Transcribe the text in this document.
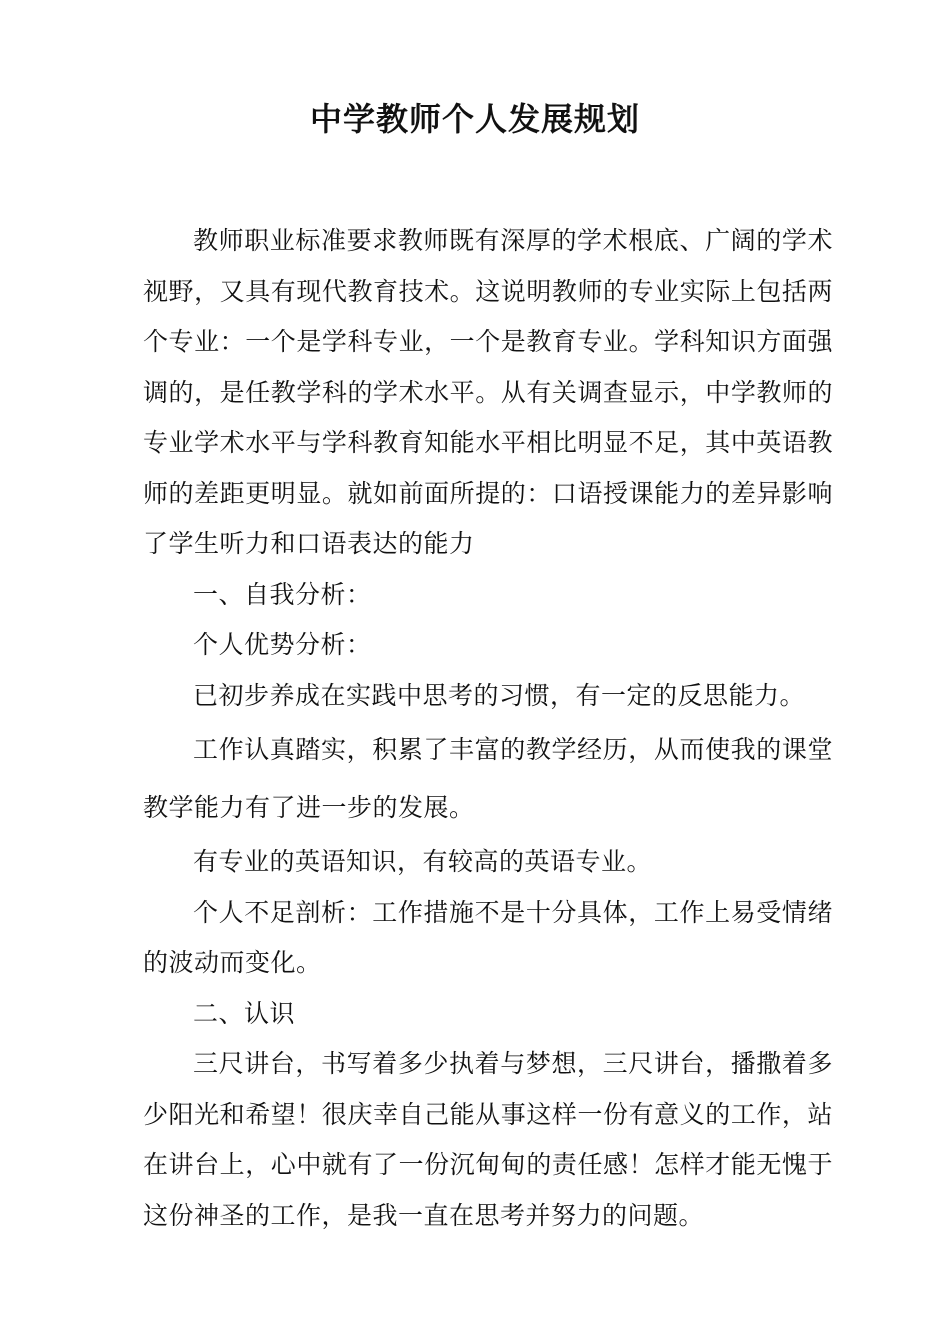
中学教师个人发展规划

教师职业标准要求教师既有深厚的学术根底、广阔的学术视野，又具有现代教育技术。这说明教师的专业实际上包括两个专业：一个是学科专业，一个是教育专业。学科知识方面强调的，是任教学科的学术水平。从有关调查显示，中学教师的专业学术水平与学科教育知能水平相比明显不足，其中英语教师的差距更明显。就如前面所提的：口语授课能力的差异影响了学生听力和口语表达的能力

一、自我分析：

个人优势分析：

已初步养成在实践中思考的习惯，有一定的反思能力。

工作认真踏实，积累了丰富的教学经历，从而使我的课堂教学能力有了进一步的发展。

有专业的英语知识，有较高的英语专业。

个人不足剖析：工作措施不是十分具体，工作上易受情绪的波动而变化。

二、认识

三尺讲台，书写着多少执着与梦想，三尺讲台，播撒着多少阳光和希望！很庆幸自己能从事这样一份有意义的工作，站在讲台上，心中就有了一份沉甸甸的责任感！怎样才能无愧于这份神圣的工作，是我一直在思考并努力的问题。
